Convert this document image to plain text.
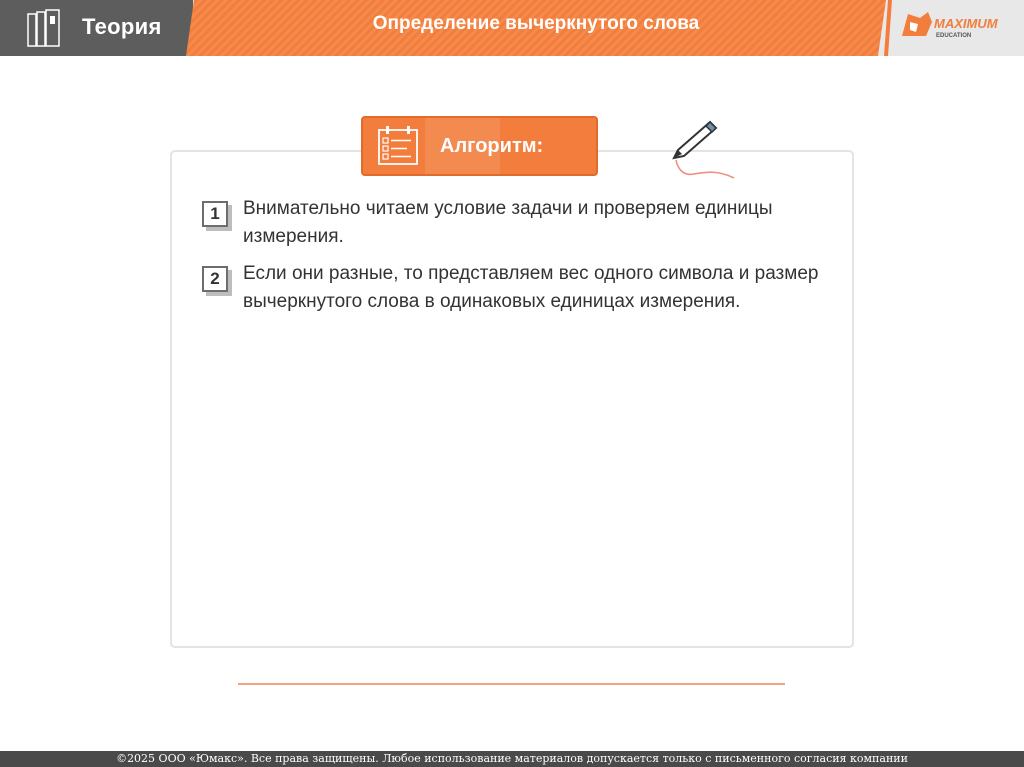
Теория	Определение вычеркнутого слова	MAXIMUM
EDUCATION
Алгоритм:
1	Внимательно читаем условие задачи и проверяем единицы измерения.
2	Если они разные, то представляем вес одного символа и размер вычеркнутого слова в одинаковых единицах измерения.
©2025 ООО «Юмакс». Все права защищены. Любое использование материалов допускается только с письменного согласия компании
